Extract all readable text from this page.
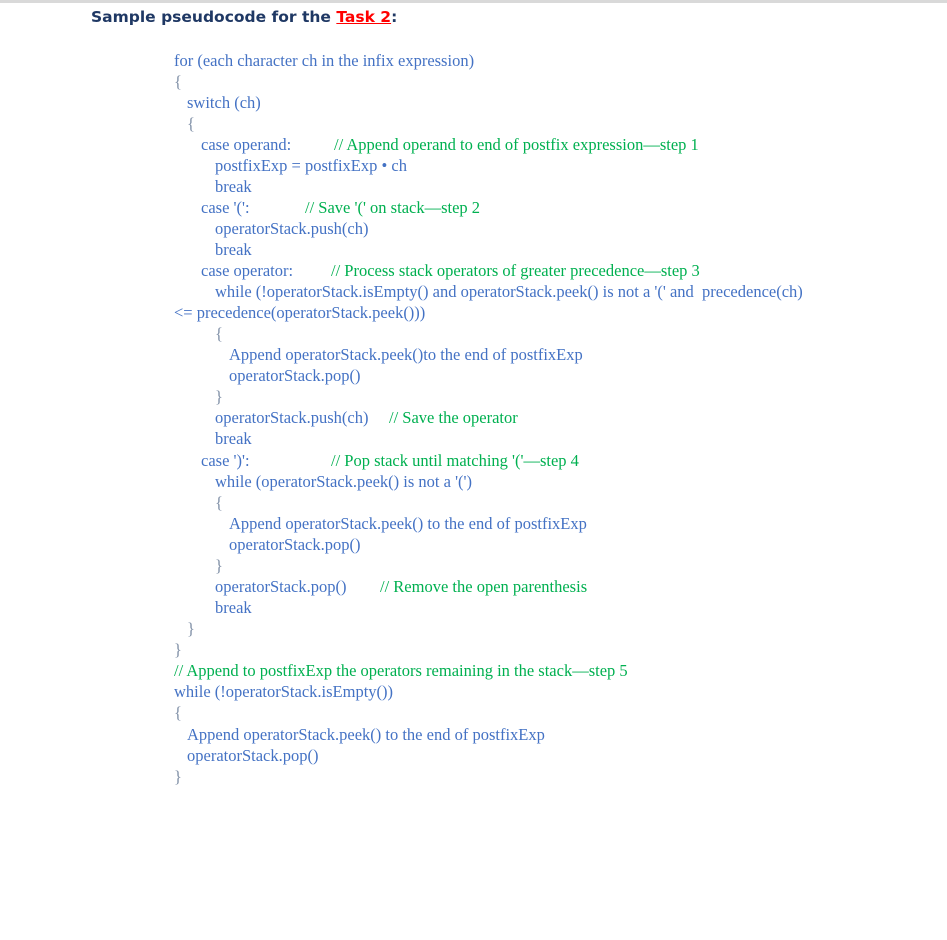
Sample pseudocode for the Task 2:

for (each character ch in the infix expression)

{

switch (ch)

{

case operand:

	// Append operand to end of postfix expression—step 1

postfixExp = postfixExp • ch

break

case '(':

	// Save '(' on stack—step 2

operatorStack.push(ch)

break

case operator:

// Process stack operators of greater precedence—step 3

while (!operatorStack.isEmpty() and operatorStack.peek() is not a '(' and  precedence(ch)

<= precedence(operatorStack.peek()))

{

Append operatorStack.peek()to the end of postfixExp

operatorStack.pop()

}

operatorStack.push(ch)

// Save the operator

break

case ')':

	// Pop stack until matching '('—step 4

while (operatorStack.peek() is not a '(')

{

Append operatorStack.peek() to the end of postfixExp

operatorStack.pop()

}

operatorStack.pop()

// Remove the open parenthesis

break

}

}

// Append to postfixExp the operators remaining in the stack—step 5

while (!operatorStack.isEmpty())

{

Append operatorStack.peek() to the end of postfixExp

operatorStack.pop()

}
